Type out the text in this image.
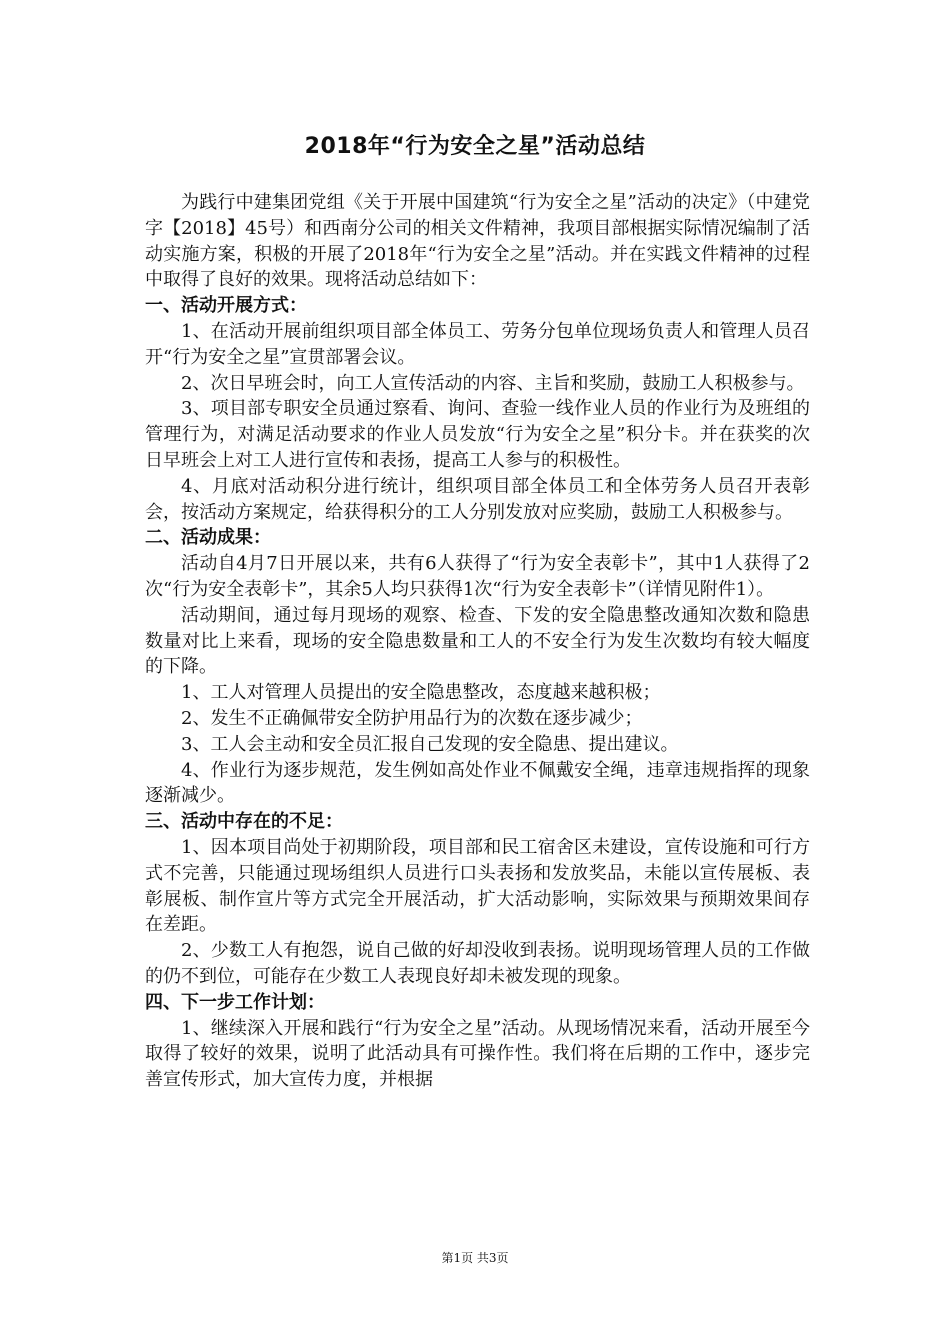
2018年“行为安全之星”活动总结

为践行中建集团党组《关于开展中国建筑“行为安全之星”活动的决定》（中建党字【2018】45号）和西南分公司的相关文件精神，我项目部根据实际情况编制了活动实施方案，积极的开展了2018年“行为安全之星”活动。并在实践文件精神的过程中取得了良好的效果。现将活动总结如下：

一、活动开展方式：

1、在活动开展前组织项目部全体员工、劳务分包单位现场负责人和管理人员召开“行为安全之星”宣贯部署会议。

2、次日早班会时，向工人宣传活动的内容、主旨和奖励，鼓励工人积极参与。

3、项目部专职安全员通过察看、询问、查验一线作业人员的作业行为及班组的管理行为，对满足活动要求的作业人员发放“行为安全之星”积分卡。并在获奖的次日早班会上对工人进行宣传和表扬，提高工人参与的积极性。

4、月底对活动积分进行统计，组织项目部全体员工和全体劳务人员召开表彰会，按活动方案规定，给获得积分的工人分别发放对应奖励，鼓励工人积极参与。

二、活动成果：

活动自4月7日开展以来，共有6人获得了“行为安全表彰卡”，其中1人获得了2次“行为安全表彰卡”，其余5人均只获得1次“行为安全表彰卡”（详情见附件1）。

活动期间，通过每月现场的观察、检查、下发的安全隐患整改通知次数和隐患数量对比上来看，现场的安全隐患数量和工人的不安全行为发生次数均有较大幅度的下降。

1、工人对管理人员提出的安全隐患整改，态度越来越积极；

2、发生不正确佩带安全防护用品行为的次数在逐步减少；

3、工人会主动和安全员汇报自己发现的安全隐患、提出建议。

4、作业行为逐步规范，发生例如高处作业不佩戴安全绳，违章违规指挥的现象逐渐减少。

三、活动中存在的不足：

1、因本项目尚处于初期阶段，项目部和民工宿舍区未建设，宣传设施和可行方式不完善，只能通过现场组织人员进行口头表扬和发放奖品，未能以宣传展板、表彰展板、制作宣片等方式完全开展活动，扩大活动影响，实际效果与预期效果间存在差距。

2、少数工人有抱怨，说自己做的好却没收到表扬。说明现场管理人员的工作做的仍不到位，可能存在少数工人表现良好却未被发现的现象。

四、下一步工作计划：

1、继续深入开展和践行“行为安全之星”活动。从现场情况来看，活动开展至今取得了较好的效果，说明了此活动具有可操作性。我们将在后期的工作中，逐步完善宣传形式，加大宣传力度，并根据

第1页 共3页
